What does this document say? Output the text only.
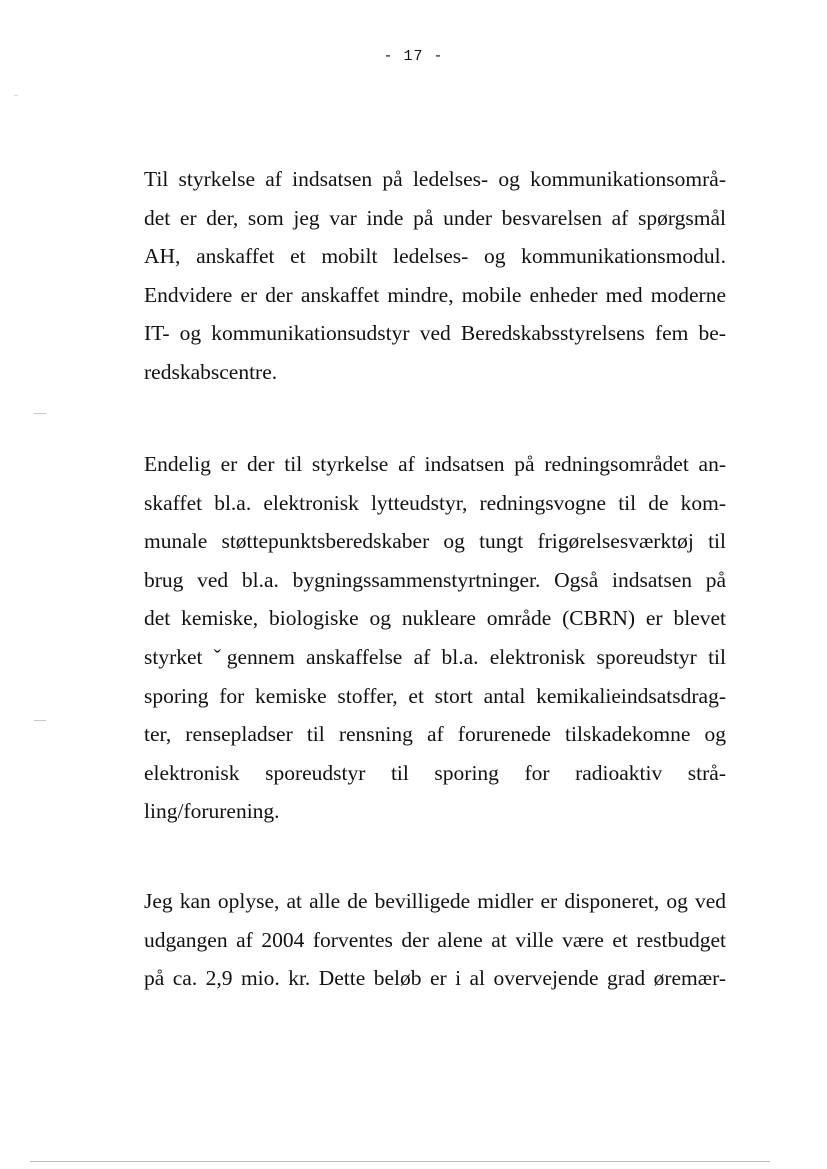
- 17 -
Til styrkelse af indsatsen på ledelses- og kommunikationsområ-
det er der, som jeg var inde på under besvarelsen af spørgsmål
AH, anskaffet et mobilt ledelses- og kommunikationsmodul.
Endvidere er der anskaffet mindre, mobile enheder med moderne
IT- og kommunikationsudstyr ved Beredskabsstyrelsens fem be-
redskabscentre.
Endelig er der til styrkelse af indsatsen på redningsområdet an-
skaffet bl.a. elektronisk lytteudstyr, redningsvogne til de kom-
munale støttepunktsberedskaber og tungt frigørelsesværktøj til
brug ved bl.a. bygningssammenstyrtninger. Også indsatsen på
det kemiske, biologiske og nukleare område (CBRN) er blevet
styrket ˇgennem anskaffelse af bl.a. elektronisk sporeudstyr til
sporing for kemiske stoffer, et stort antal kemikalieindsatsdrag-
ter, rensepladser til rensning af forurenede tilskadekomne og
elektronisk sporeudstyr til sporing for radioaktiv strå-
ling/forurening.
Jeg kan oplyse, at alle de bevilligede midler er disponeret, og ved
udgangen af 2004 forventes der alene at ville være et restbudget
på ca. 2,9 mio. kr. Dette beløb er i al overvejende grad øremær-
